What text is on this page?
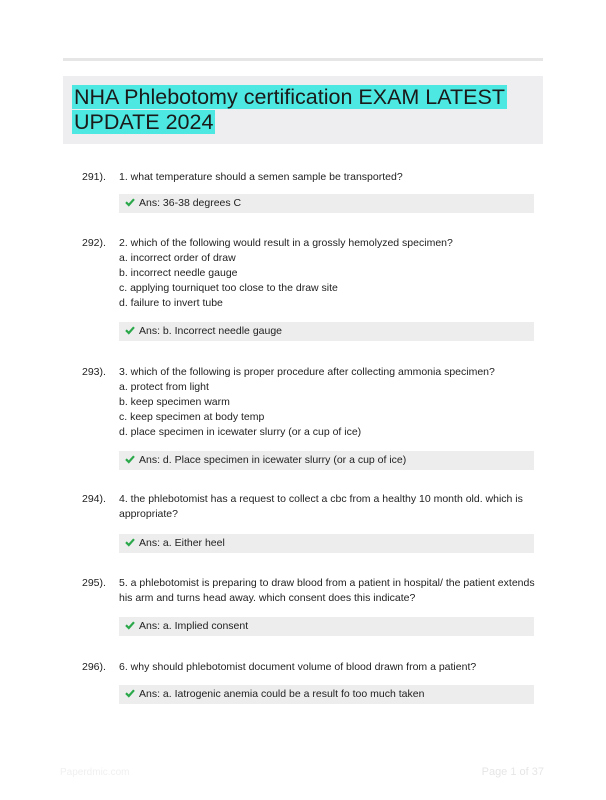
NHA Phlebotomy certification EXAM LATEST UPDATE 2024
291). 1. what temperature should a semen sample be transported?
Ans: 36-38 degrees C
292). 2. which of the following would result in a grossly hemolyzed specimen?
a. incorrect order of draw
b. incorrect needle gauge
c. applying tourniquet too close to the draw site
d. failure to invert tube
Ans: b. Incorrect needle gauge
293). 3. which of the following is proper procedure after collecting ammonia specimen?
a. protect from light
b. keep specimen warm
c. keep specimen at body temp
d. place specimen in icewater slurry (or a cup of ice)
Ans: d. Place specimen in icewater slurry (or a cup of ice)
294). 4. the phlebotomist has a request to collect a cbc from a healthy 10 month old. which is appropriate?
Ans: a. Either heel
295). 5. a phlebotomist is preparing to draw blood from a patient in hospital/ the patient extends his arm and turns head away. which consent does this indicate?
Ans: a. Implied consent
296). 6. why should phlebotomist document volume of blood drawn from a patient?
Ans: a. Iatrogenic anemia could be a result fo too much taken
Paperdmic.com	Page 1 of 37
